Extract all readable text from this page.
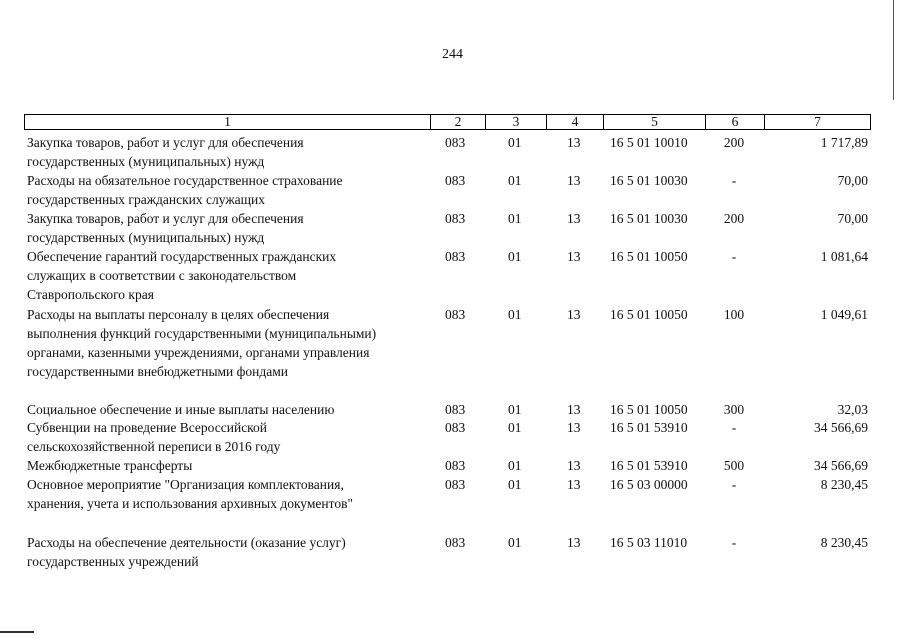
244
1	2	3	4	5	6	7
Закупка товаров, работ и услуг для обеспечения
государственных (муниципальных) нужд
083	01	13 16 5 01 10010	200	1 717,89
Расходы на обязательное государственное страхование
государственных гражданских служащих
083	01	13 16 5 01 10030	-	70,00
Закупка товаров, работ и услуг для обеспечения
государственных (муниципальных) нужд
083	01	13 16 5 01 10030	200	70,00
Обеспечение гарантий государственных гражданских
служащих в соответствии с законодательством
Ставропольского края
083	01	13 16 5 01 10050	-	1 081,64
Расходы на выплаты персоналу в целях обеспечения
выполнения функций государственными (муниципальными)
органами, казенными учреждениями, органами управления
государственными внебюджетными фондами
083	01	13 16 5 01 10050	100	1 049,61
Социальное обеспечение и иные выплаты населению	083	01	13 16 5 01 10050	300	32,03
Субвенции на проведение Всероссийской
сельскохозяйственной переписи в 2016 году
083	01	13 16 5 01 53910	-	34 566,69
Межбюджетные трансферты	083	01	13 16 5 01 53910	500	34 566,69
Основное мероприятие "Организация комплектования,
хранения, учета и использования архивных документов"
083	01	13 16 5 03 00000	-	8 230,45
Расходы на обеспечение деятельности (оказание услуг)
государственных учреждений
083	01	13 16 5 03 11010	-	8 230,45
